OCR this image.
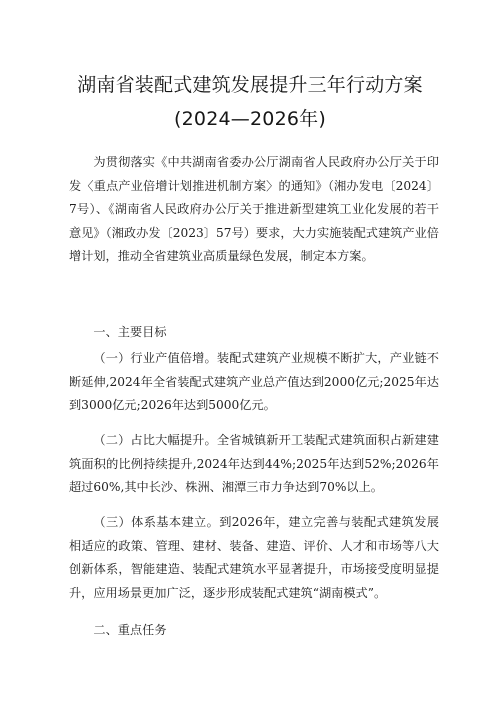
湖南省装配式建筑发展提升三年行动方案
(2024—2026年)

为贯彻落实《中共湖南省委办公厅湖南省人民政府办公厅关于印发〈重点产业倍增计划推进机制方案〉的通知》（湘办发电〔2024〕7号）、《湖南省人民政府办公厅关于推进新型建筑工业化发展的若干意见》（湘政办发〔2023〕57号）要求，大力实施装配式建筑产业倍增计划，推动全省建筑业高质量绿色发展，制定本方案。

一、主要目标

（一）行业产值倍增。装配式建筑产业规模不断扩大，产业链不断延伸,2024年全省装配式建筑产业总产值达到2000亿元;2025年达到3000亿元;2026年达到5000亿元。

（二）占比大幅提升。全省城镇新开工装配式建筑面积占新建建筑面积的比例持续提升,2024年达到44%;2025年达到52%;2026年超过60%,其中长沙、株洲、湘潭三市力争达到70%以上。

（三）体系基本建立。到2026年，建立完善与装配式建筑发展相适应的政策、管理、建材、装备、建造、评价、人才和市场等八大创新体系，智能建造、装配式建筑水平显著提升，市场接受度明显提升，应用场景更加广泛，逐步形成装配式建筑“湖南模式”。

二、重点任务
